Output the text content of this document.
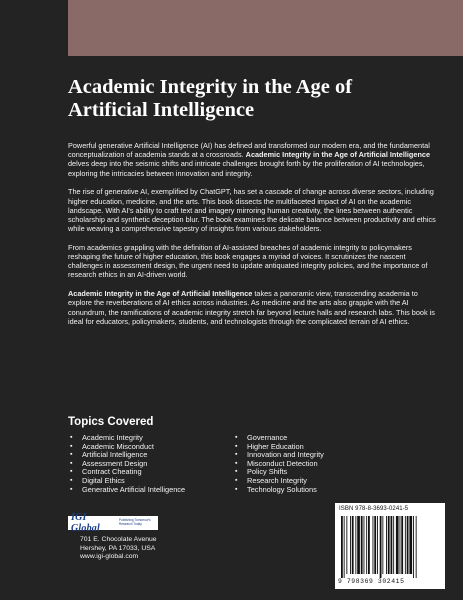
Academic Integrity in the Age of Artificial Intelligence

Powerful generative Artificial Intelligence (AI) has defined and transformed our modern era, and the fundamental conceptualization of academia stands at a crossroads. Academic Integrity in the Age of Artificial Intelligence delves deep into the seismic shifts and intricate challenges brought forth by the proliferation of AI technologies, exploring the intricacies between innovation and integrity.

The rise of generative AI, exemplified by ChatGPT, has set a cascade of change across diverse sectors, including higher education, medicine, and the arts. This book dissects the multifaceted impact of AI on the academic landscape. With AI's ability to craft text and imagery mirroring human creativity, the lines between authentic scholarship and synthetic deception blur. The book examines the delicate balance between productivity and ethics while weaving a comprehensive tapestry of insights from various stakeholders.

From academics grappling with the definition of AI-assisted breaches of academic integrity to policymakers reshaping the future of higher education, this book engages a myriad of voices. It scrutinizes the nascent challenges in assessment design, the urgent need to update antiquated integrity policies, and the importance of research ethics in an AI-driven world.

Academic Integrity in the Age of Artificial Intelligence takes a panoramic view, transcending academia to explore the reverberations of AI ethics across industries. As medicine and the arts also grapple with the AI conundrum, the ramifications of academic integrity stretch far beyond lecture halls and research labs. This book is ideal for educators, policymakers, students, and technologists through the complicated terrain of AI ethics.

Topics Covered
▪ Academic Integrity
▪ Academic Misconduct
▪ Artificial Intelligence
▪ Assessment Design
▪ Contract Cheating
▪ Digital Ethics
▪ Generative Artificial Intelligence
▪ Governance
▪ Higher Education
▪ Innovation and Integrity
▪ Misconduct Detection
▪ Policy Shifts
▪ Research Integrity
▪ Technology Solutions
IGI Global
Publishing Tomorrow's Research Today
701 E. Chocolate Avenue
Hershey, PA 17033, USA
www.igi-global.com
ISBN 978-8-3693-0241-5
9 798369 302415
